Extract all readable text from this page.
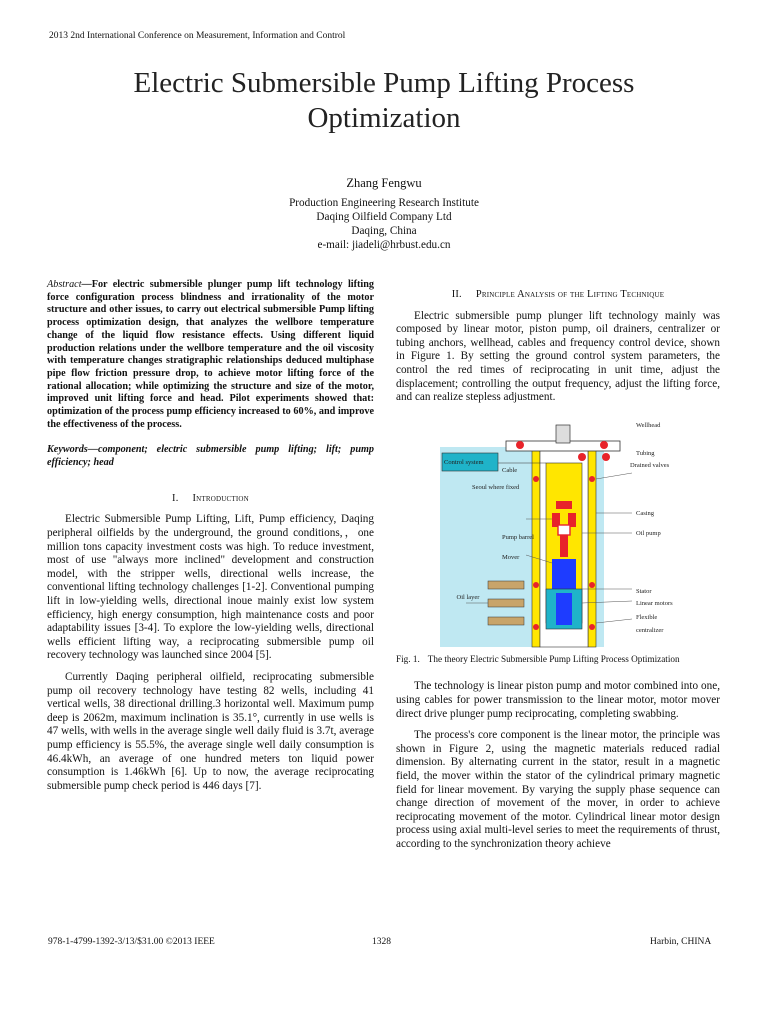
2013 2nd International Conference on Measurement, Information and Control
Electric Submersible Pump Lifting Process Optimization
Zhang Fengwu
Production Engineering Research Institute
Daqing Oilfield Company Ltd
Daqing, China
e-mail: jiadeli@hrbust.edu.cn

Abstract—For electric submersible plunger pump lift technology lifting force configuration process blindness and irrationality of the motor structure and other issues, to carry out electrical submersible Pump lifting process optimization design, that analyzes the wellbore temperature change of the liquid flow resistance effects. Using different liquid production relations under the wellbore temperature and the oil viscosity with temperature changes stratigraphic relationships deduced multiphase pipe flow friction pressure drop, to achieve motor lifting force of the rational allocation; while optimizing the structure and size of the motor, improved unit lifting force and head. Pilot experiments showed that: optimization of the process pump efficiency increased to 60%, and improve the effectiveness of the process.

Keywords—component; electric submersible pump lifting; lift; pump efficiency; head

I. Introduction

Electric Submersible Pump Lifting, Lift, Pump efficiency, Daqing peripheral oilfields by the underground, the ground conditions,，one million tons capacity investment costs was high. To reduce investment, most of use "always more inclined" development and construction model, with the stripper wells, directional wells increase, the conventional lifting technology challenges [1-2]. Conventional pumping lift in low-yielding wells, directional inoue mainly exist low system efficiency, high energy consumption, high maintenance costs and poor adaptability issues [3-4]. To explore the low-yielding wells, directional wells efficient lifting way, a reciprocating submersible pump oil recovery technology was launched since 2004 [5].

Currently Daqing peripheral oilfield, reciprocating submersible pump oil recovery technology have testing 82 wells, including 41 vertical wells, 38 directional drilling.3 horizontal well. Maximum pump deep is 2062m, maximum inclination is 35.1°, currently in use wells is 47 wells, with wells in the average single well daily fluid is 3.7t, average pump efficiency is 55.5%, the average single well daily consumption is 46.4kWh, an average of one hundred meters ton liquid power consumption is 1.46kWh [6]. Up to now, the average reciprocating submersible pump check period is 446 days [7].

II. Principle Analysis of the Lifting Technique

Electric submersible pump plunger lift technology mainly was composed by linear motor, piston pump, oil drainers, centralizer or tubing anchors, wellhead, cables and frequency control device, shown in Figure 1. By setting the ground control system parameters, the control the red times of reciprocating in unit time, adjust the displacement; controlling the output frequency, adjust the lifting force, and can realize stepless adjustment.

Wellhead
Tubing
Control system	Drained valves
Cable
Seoul where fixed
Casing
Oil pump
Pump barrel
Mover
Stator
Oil layer
Linear motors
Flexible centralizer
Fig. 1. The theory Electric Submersible Pump Lifting Process Optimization

The technology is linear piston pump and motor combined into one, using cables for power transmission to the linear motor, motor mover direct drive plunger pump reciprocating, completing swabbing.

The process's core component is the linear motor, the principle was shown in Figure 2, using the magnetic materials reduced radial dimension. By alternating current in the stator, result in a magnetic field, the mover within the stator of the cylindrical primary magnetic field for linear movement. By varying the supply phase sequence can change direction of movement of the mover, in order to achieve reciprocating movement of the motor. Cylindrical linear motor design process using axial multi-level series to meet the requirements of thrust, according to the synchronization theory achieve

978-1-4799-1392-3/13/$31.00 ©2013 IEEE	1328	Harbin, CHINA
